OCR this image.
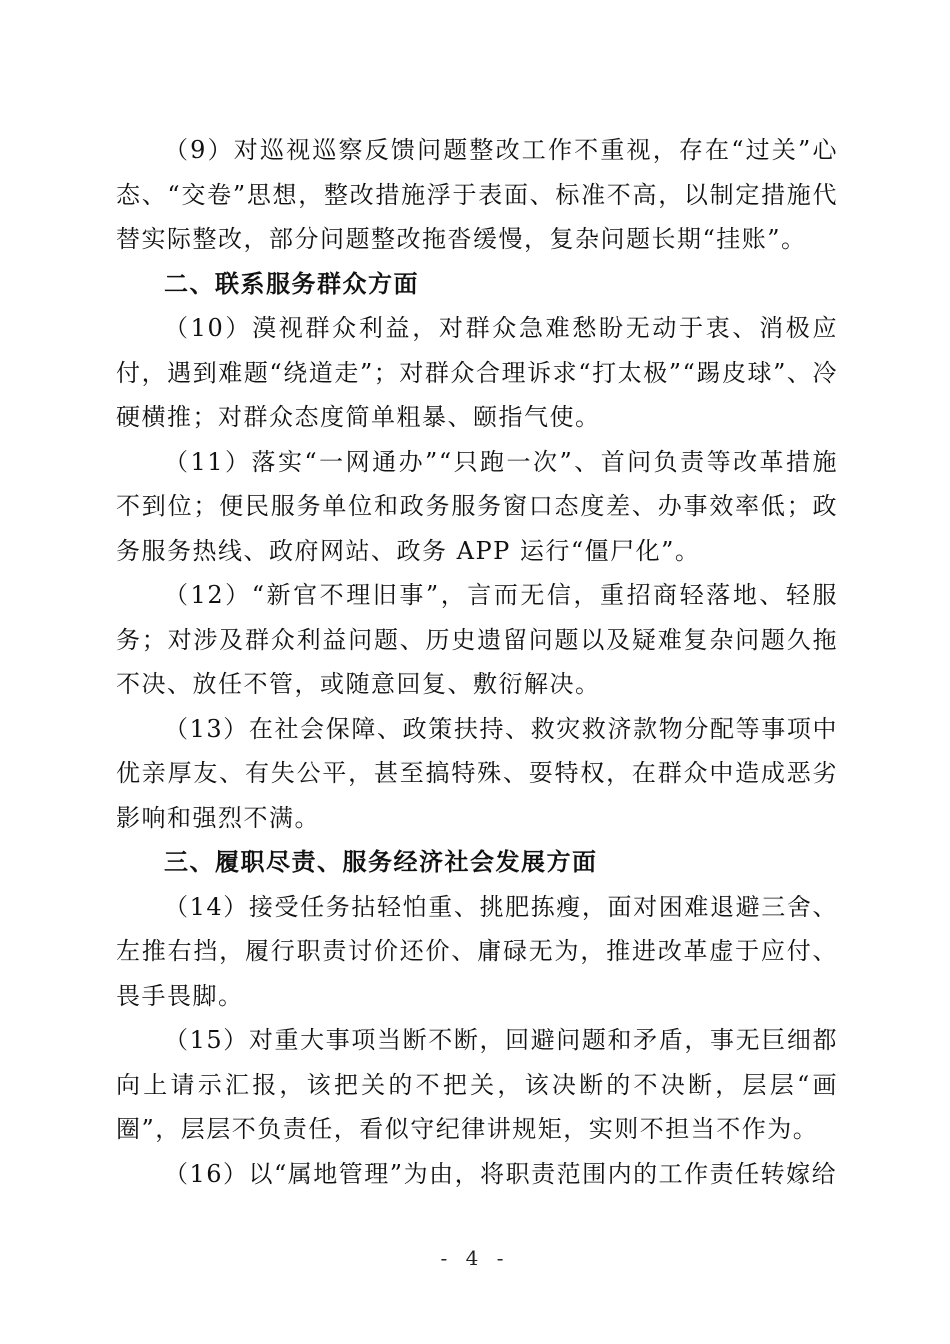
（9）对巡视巡察反馈问题整改工作不重视，存在“过关”心态、“交卷”思想，整改措施浮于表面、标准不高，以制定措施代替实际整改，部分问题整改拖沓缓慢，复杂问题长期“挂账”。

二、联系服务群众方面

（10）漠视群众利益，对群众急难愁盼无动于衷、消极应付，遇到难题“绕道走”；对群众合理诉求“打太极”“踢皮球”、冷硬横推；对群众态度简单粗暴、颐指气使。

（11）落实“一网通办”“只跑一次”、首问负责等改革措施不到位；便民服务单位和政务服务窗口态度差、办事效率低；政务服务热线、政府网站、政务 APP 运行“僵尸化”。

（12）“新官不理旧事”，言而无信，重招商轻落地、轻服务；对涉及群众利益问题、历史遗留问题以及疑难复杂问题久拖不决、放任不管，或随意回复、敷衍解决。

（13）在社会保障、政策扶持、救灾救济款物分配等事项中优亲厚友、有失公平，甚至搞特殊、耍特权，在群众中造成恶劣影响和强烈不满。

三、履职尽责、服务经济社会发展方面

（14）接受任务拈轻怕重、挑肥拣瘦，面对困难退避三舍、左推右挡，履行职责讨价还价、庸碌无为，推进改革虚于应付、畏手畏脚。

（15）对重大事项当断不断，回避问题和矛盾，事无巨细都向上请示汇报，该把关的不把关，该决断的不决断，层层“画圈”，层层不负责任，看似守纪律讲规矩，实则不担当不作为。

（16）以“属地管理”为由，将职责范围内的工作责任转嫁给

- 4 -
